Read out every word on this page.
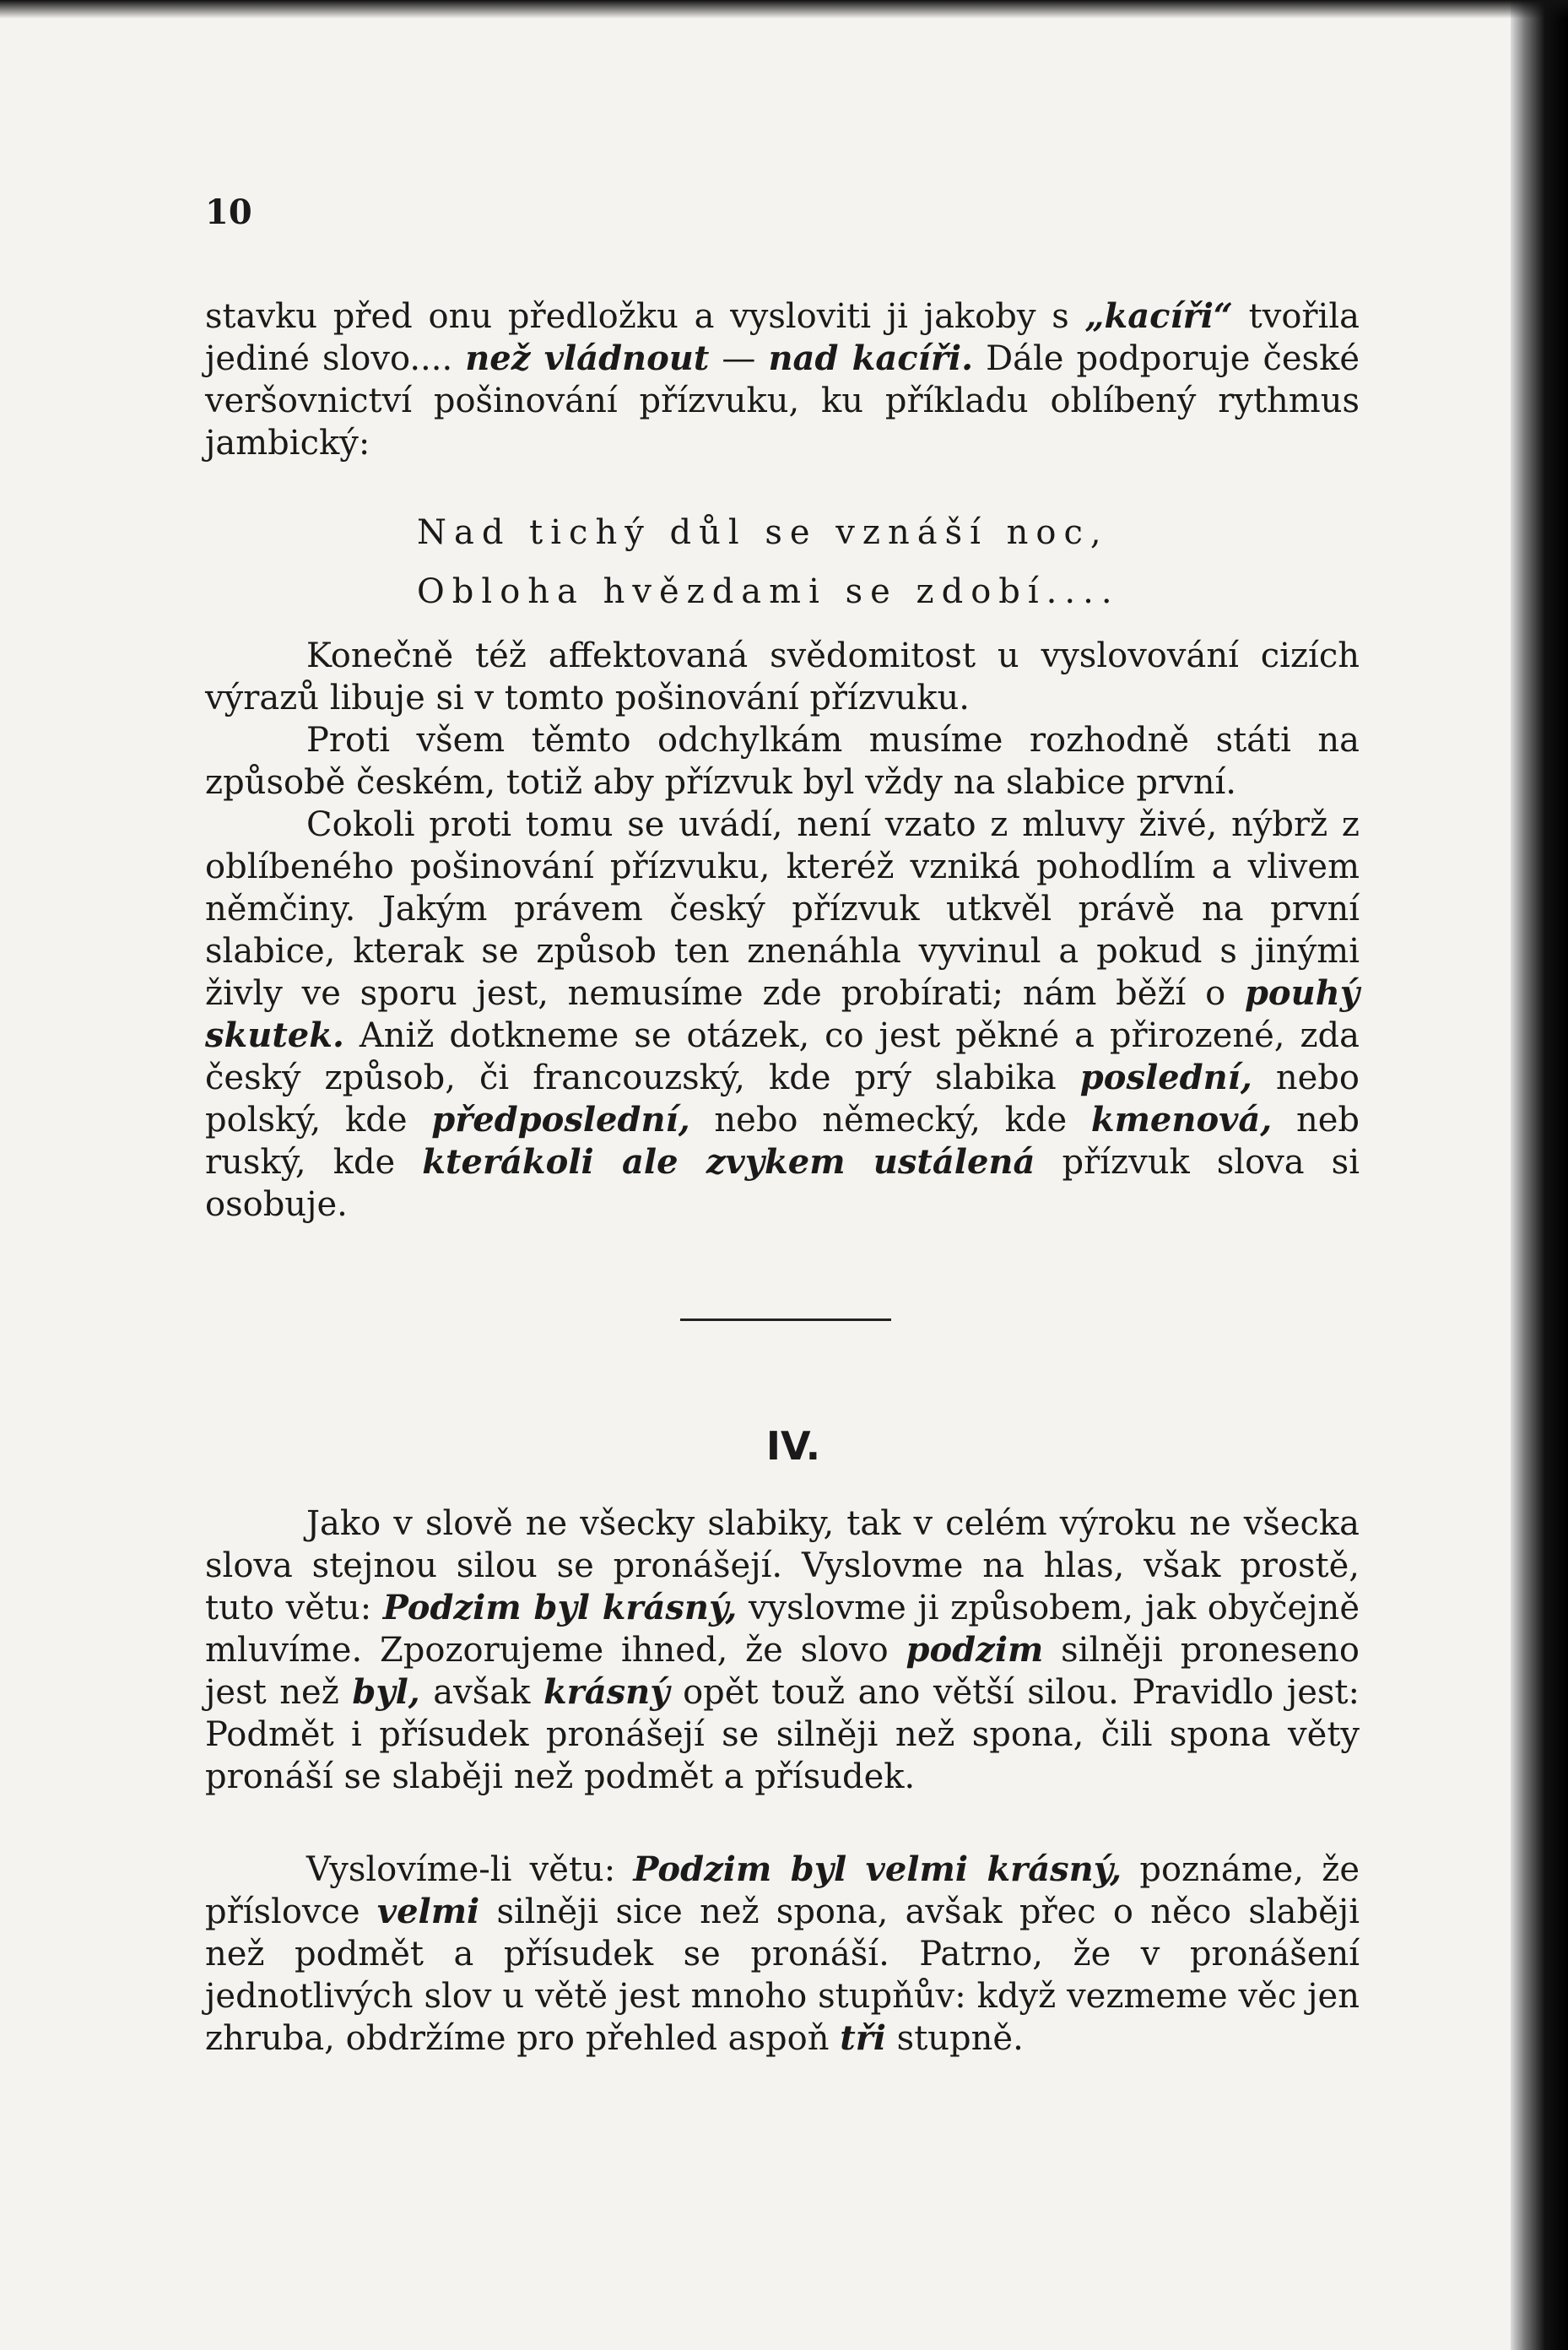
10

stavku před onu předložku a vysloviti ji jakoby s „kacíři“ tvořila jediné slovo.... než vládnout — nad kacíři. Dále podporuje české veršovnictví pošinování přízvuku, ku příkladu oblíbený rythmus jambický:

Nad tichý důl se vznáší noc,
Obloha hvězdami se zdobí....

Konečně též affektovaná svědomitost u vyslovování cizích výrazů libuje si v tomto pošinování přízvuku.

Proti všem těmto odchylkám musíme rozhodně státi na způsobě českém, totiž aby přízvuk byl vždy na slabice první.

Cokoli proti tomu se uvádí, není vzato z mluvy živé, nýbrž z oblíbeného pošinování přízvuku, kteréž vzniká pohodlím a vlivem němčiny. Jakým právem český přízvuk utkvěl právě na první slabice, kterak se způsob ten znenáhla vyvinul a pokud s jinými živly ve sporu jest, nemusíme zde probírati; nám běží o pouhý skutek. Aniž dotkneme se otázek, co jest pěkné a přirozené, zda český způsob, či francouzský, kde prý slabika poslední, nebo polský, kde předposlední, nebo německý, kde kmenová, neb ruský, kde kterákoli ale zvykem ustálená přízvuk slova si osobuje.

IV.

Jako v slově ne všecky slabiky, tak v celém výroku ne všecka slova stejnou silou se pronášejí. Vyslovme na hlas, však prostě, tuto větu: Podzim byl krásný, vyslovme ji způsobem, jak obyčejně mluvíme. Zpozorujeme ihned, že slovo podzim silněji proneseno jest než byl, avšak krásný opět touž ano větší silou. Pravidlo jest: Podmět i přísudek pronášejí se silněji než spona, čili spona věty pronáší se slaběji než podmět a přísudek.

Vyslovíme-li větu: Podzim byl velmi krásný, poznáme, že příslovce velmi silněji sice než spona, avšak přec o něco slaběji než podmět a přísudek se pronáší. Patrno, že v pronášení jednotlivých slov u větě jest mnoho stupňův: když vezmeme věc jen zhruba, obdržíme pro přehled aspoň tři stupně.
